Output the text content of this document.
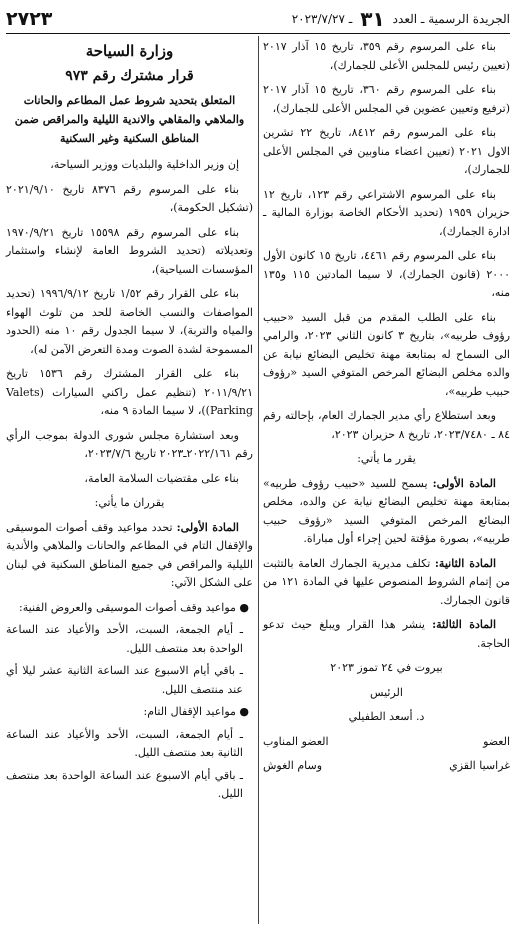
الجريدة الرسمية ـ العدد
٣١
ـ ٢٠٢٣/٧/٢٧
٢٧٢٣

بناء على المرسوم رقم ٣٥٩، تاريخ ١٥ آذار ٢٠١٧ (تعيين رئيس للمجلس الأعلى للجمارك)،

بناء على المرسوم رقم ٣٦٠، تاريخ ١٥ آذار ٢٠١٧ (ترفيع وتعيين عضوين في المجلس الأعلى للجمارك)،

بناء على المرسوم رقم ٨٤١٢، تاريخ ٢٢ تشرين الاول ٢٠٢١ (تعيين اعضاء مناوبين في المجلس الأعلى للجمارك)،

بناء على المرسوم الاشتراعي رقم ١٢٣، تاريخ ١٢ حزيران ١٩٥٩ (تحديد الأحكام الخاصة بوزارة المالية ـ ادارة الجمارك)،

بناء على المرسوم رقم ٤٤٦١، تاريخ ١٥ كانون الأول ٢٠٠٠ (قانون الجمارك)، لا سيما المادتين ١١٥ و١٣٥ منه،

بناء على الطلب المقدم من قبل السيد «حبيب رؤوف طربيه»، بتاريخ ٣ كانون الثاني ٢٠٢٣، والرامي الى السماح له بمتابعة مهنة تخليص البضائع نيابة عن والده مخلص البضائع المرخص المتوفي السيد «رؤوف حبيب طربيه»،

وبعد استطلاع رأي مدير الجمارك العام، بإحالته رقم ٨٤ ـ ٢٠٢٣/٧٤٨٠، تاريخ ٨ حزيران ٢٠٢٣،

يقرر ما يأتي:

المادة الأولى: يسمح للسيد «حبيب رؤوف طربيه» بمتابعة مهنة تخليص البضائع نيابة عن والده، مخلص البضائع المرخص المتوفي السيد «رؤوف حبيب طربيه»، بصورة مؤقتة لحين إجراء أول مباراة.

المادة الثانية: تكلف مديرية الجمارك العامة بالتثبت من إتمام الشروط المنصوص عليها في المادة ١٢١ من قانون الجمارك.

المادة الثالثة: ينشر هذا القرار ويبلغ حيث تدعو الحاجة.

بيروت في ٢٤ تموز ٢٠٢٣
الرئيس
د. أسعد الطفيلي
العضو
العضو المناوب
غراسيا القزي
وسام الغوش
وزارة السياحة
قرار مشترك رقم ٩٧٣
المتعلق بتحديد شروط عمل المطاعم والحانات والملاهي والمقاهي والاندية الليلية والمراقص ضمن المناطق السكنية وغير السكنية

إن وزير الداخلية والبلديات ووزير السياحة،

بناء على المرسوم رقم ٨٣٧٦ تاريخ ٢٠٢١/٩/١٠ (تشكيل الحكومة)،

بناء على المرسوم رقم ١٥٥٩٨ تاريخ ١٩٧٠/٩/٢١ وتعديلاته (تحديد الشروط العامة لإنشاء واستثمار المؤسسات السياحية)،

بناء على القرار رقم ١/٥٢ تاريخ ١٩٩٦/٩/١٢ (تحديد المواصفات والنسب الخاصة للحد من تلوث الهواء والمياه والتربة)، لا سيما الجدول رقم ١٠ منه (الحدود المسموحة لشدة الصوت ومدة التعرض الآمن له)،

بناء على القرار المشترك رقم ١٥٣٦ تاريخ ٢٠١١/٩/٢١ (تنظيم عمل راكني السيارات (Valets Parking))، لا سيما المادة ٩ منه،

وبعد استشارة مجلس شورى الدولة بموجب الرأي رقم ٢٠٢٢/١٦١ـ٢٠٢٣ تاريخ ٢٠٢٣/٧/٦،

بناء على مقتضيات السلامة العامة،

يقرران ما يأتي:

المادة الأولى: تحدد مواعيد وقف أصوات الموسيقى والإقفال التام في المطاعم والحانات والملاهي والأندية الليلية والمراقص في جميع المناطق السكنية في لبنان على الشكل الآتي:

● مواعيد وقف أصوات الموسيقى والعروض الفنية:

ـ أيام الجمعة، السبت، الأحد والأعياد عند الساعة الواحدة بعد منتصف الليل.

ـ باقي أيام الاسبوع عند الساعة الثانية عشر ليلا أي عند منتصف الليل.

● مواعيد الإقفال التام:

ـ أيام الجمعة، السبت، الأحد والأعياد عند الساعة الثانية بعد منتصف الليل.

ـ باقي أيام الاسبوع عند الساعة الواحدة بعد منتصف الليل.
